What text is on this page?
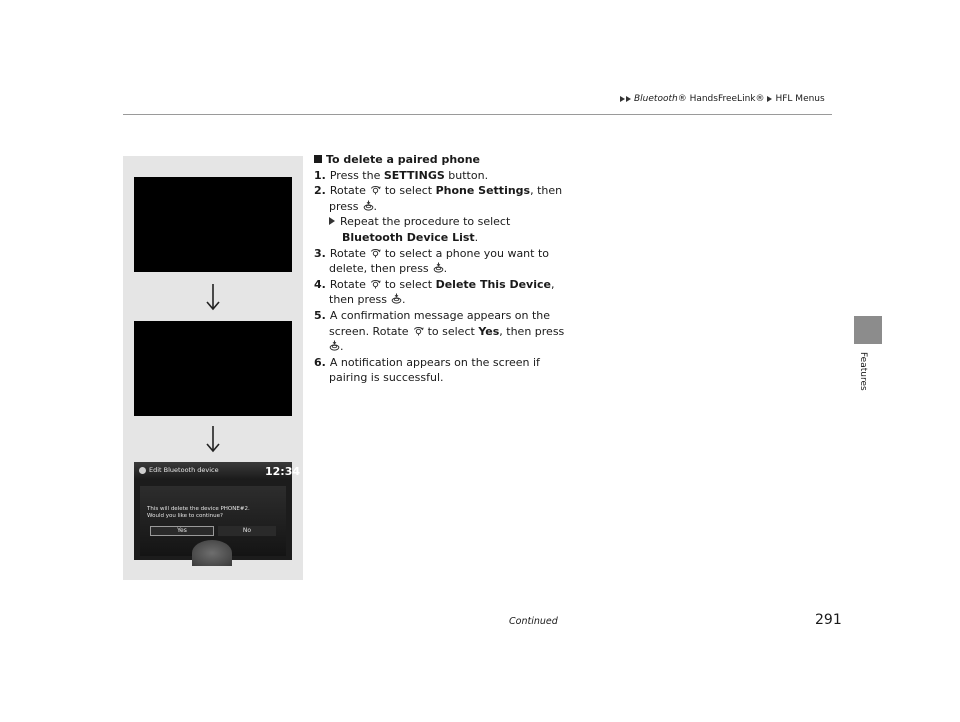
Bluetooth ® HandsFreeLink® HFL Menus
Features
Edit Bluetooth device	12:34
This will delete the device PHONE#2.
Would you like to continue?
Yes	No
To delete a paired phone
1. Press the SETTINGS button.
2. Rotate to select Phone Settings, then
press .
Repeat the procedure to select
Bluetooth Device List.
3. Rotate to select a phone you want to
delete, then press .
4. Rotate to select Delete This Device,
then press .
5. A confirmation message appears on the
screen. Rotate to select Yes, then press
.
6. A notification appears on the screen if
pairing is successful.
Continued	291
